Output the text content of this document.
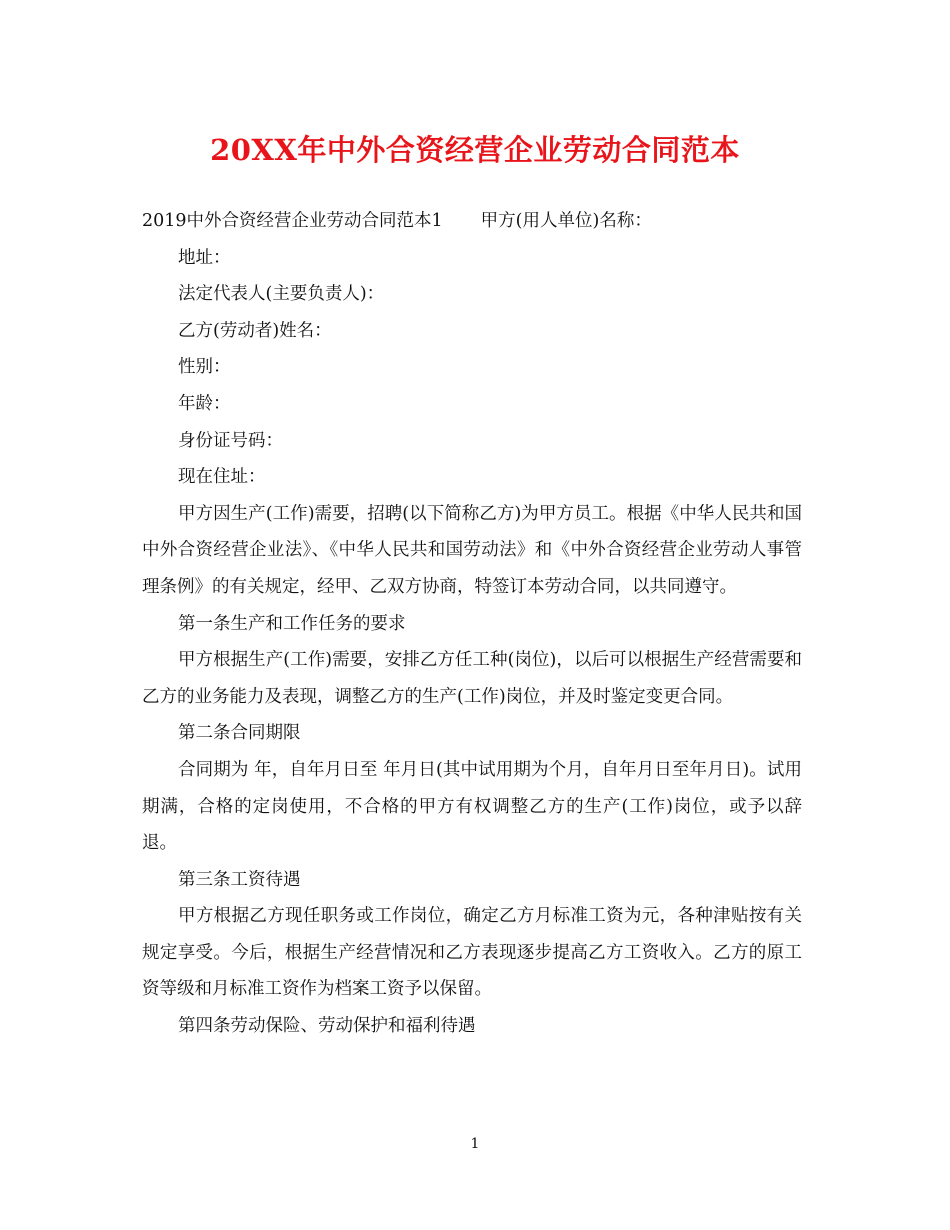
20XX年中外合资经营企业劳动合同范本
2019中外合资经营企业劳动合同范本1 甲方(用人单位)名称：
地址：
法定代表人(主要负责人)：
乙方(劳动者)姓名：
性别：
年龄：
身份证号码：
现在住址：

甲方因生产(工作)需要，招聘(以下简称乙方)为甲方员工。根据《中华人民共和国中外合资经营企业法》、《中华人民共和国劳动法》和《中外合资经营企业劳动人事管理条例》的有关规定，经甲、乙双方协商，特签订本劳动合同，以共同遵守。

第一条生产和工作任务的要求

甲方根据生产(工作)需要，安排乙方任工种(岗位)，以后可以根据生产经营需要和乙方的业务能力及表现，调整乙方的生产(工作)岗位，并及时鉴定变更合同。

第二条合同期限

合同期为 年，自年月日至 年月日(其中试用期为个月，自年月日至年月日)。试用期满，合格的定岗使用，不合格的甲方有权调整乙方的生产(工作)岗位，或予以辞退。

第三条工资待遇

甲方根据乙方现任职务或工作岗位，确定乙方月标准工资为元，各种津贴按有关规定享受。今后，根据生产经营情况和乙方表现逐步提高乙方工资收入。乙方的原工资等级和月标准工资作为档案工资予以保留。

第四条劳动保险、劳动保护和福利待遇
1
